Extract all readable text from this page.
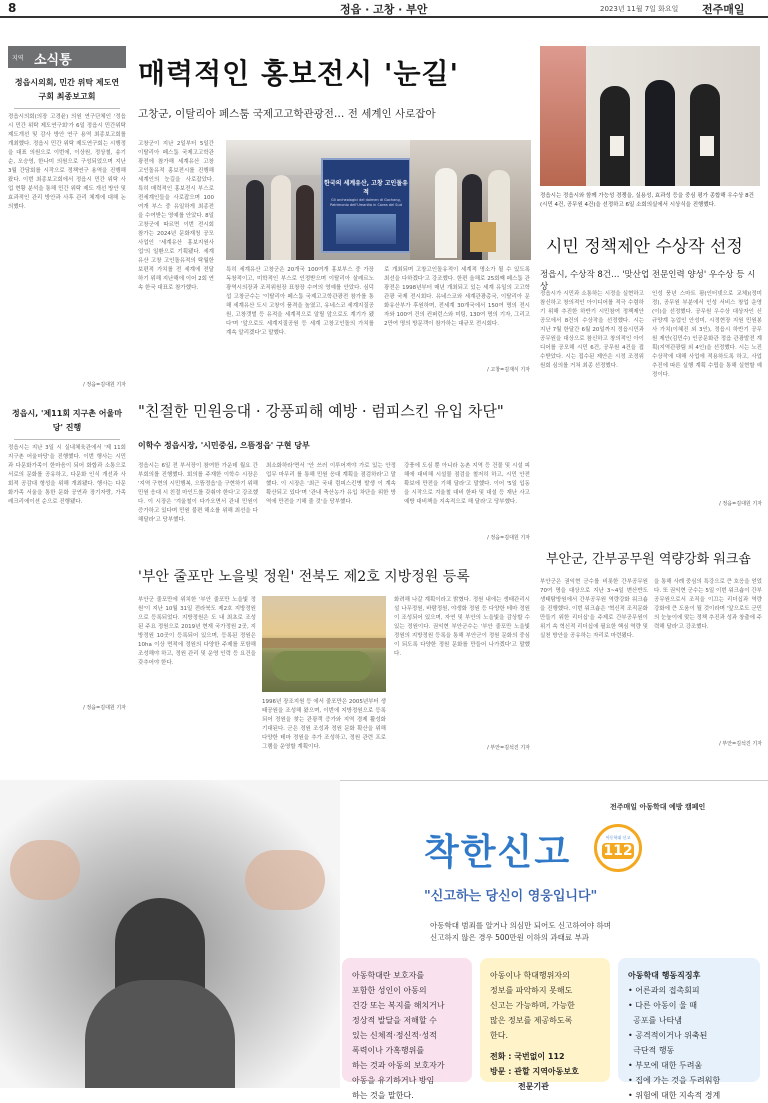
8	정읍 · 고창 · 부안	2023년 11월 7일 화요일 전주매일
지역 소식통
정읍시의회, 민간 위탁 제도연구회 최종보고회
정읍시의회(의장 고경윤) 의원 연구단체인 '정읍시 민간 위탁 제도연구회'가 6일 정읍시 민간위탁 제도개선 및 감사 방안 연구 용역 최종보고회를 개최했다. 정읍시 민간 위탁 제도연구회는 시행정을 대표 의원으로 이번에, 이상원, 정상철, 송기순, 오승영, 한나미 의원으로 구성되었으며 지난 3월 간담회를 시작으로 정책연구 용역을 진행해 왔다. 이번 최종보고회에서 정읍시 민간 위탁 사업 현황 분석을 통해 민간 위탁 제도 개선 방안 및 효과적인 관리 방안과 사후 관리 체계에 대해 논의했다.
/ 정읍=김대원 기자
정읍시, '제11회 지구촌 어울마당' 진행
정읍시는 지난 3일 시 실내체육관에서 '제 11회 지구촌 어울마당'을 진행했다. 이번 행사는 시민과 다문화가족이 한마음이 되어 화합과 소통으로 서로의 문화를 공유하고, 다문화 인식 개선과 사회적 공감대 형성을 위해 개최됐다. 행사는 다문화가족 서울을 통한 문화 공연과 장기자랑, 가족 레크리에이션 순으로 진행됐다.
/ 정읍=김대원 기자
매력적인 홍보전시 '눈길'
고창군, 이탈리아 페스툼 국제고고학관광전… 전 세계인 사로잡아
고창군이 지난 2일부터 5일간 이탈리아 페스툼 국제고고학관광전에 참가해 세계유산 고창 고인돌유적 홍보전시를 진행해 세계인의 눈길을 사로잡았다. 특히 매력적인 홍보전시 부스로 전세계인들을 사로잡으며 100여개 부스 중 유일하게 최종전을 수여받는 영예를 안았다. 8일 고창군에 따르면 이번 전시회 참가는 2024년 문화재청 공모사업인 '세계유산 홍보지원사업'의 일환으로 기획됐다. 세계유산 고창 고인돌유적의 탁월한 보편적 가치를 전 세계에 전달하기 위해 지난해에 이어 2회 연속 한국 대표로 참가했다.
한국의 세계유산, 고창 고인돌유적
Gli archeologici del dolmen di Gochang, Patrimonio dell'Umanita in Corea del Sud
특히 세계유산 고창군은 20개국 100여개 홍보부스 중 가장 독창적이고, 미학적인 부스로 인정받으며 이탈리아 살레르노 광역시의장과 조직위원장 표창장 수여의 영예를 안았다. 심덕섭 고창군수는 '이탈리아 페스툼 국제고고학관광전 참가를 통해 세계유산 도시 고창이 품격을 높였고, 유네스코 세계지질공원, 고창갯벌 등 유적을 세계적으로 알릴 앞으로도 계기가 됐다'며 '앞으로도 세계지질공원 등 세계 고창고인돌의 가치를 계속 알리겠다'고 말했다.
로 개최되며 고창고인돌유적이 세계적 명소가 될 수 있도록 최선을 다하겠다'고 강조했다. 한편 올해로 25회째 페스툼 관광전은 1998년부터 매년 개최되고 있는 세계 유일의 고고학관광 국제 전시회다. 유네스코와 세계관광총국, 이탈리아 문화유산부가 후원하며, 전세계 30개국에서 150여 명의 전시자와 100여 건의 컨퍼런스와 미팅, 130여 명의 기자, 그리고 2만여 명의 방문객이 참가하는 대규모 전시회다.
/ 고창=김재식 기자
정읍시는 정읍시와 함께 가능성 경쟁을, 실용성, 효과성 등을 중심 평가 종합해 우수상 8건(시민 4건, 공무원 4건)을 선정하고 6일 소회의실에서 시상식을 진행했다.
시민 정책제안 수상작 선정
정읍시, 수상작 8건… '맞산업 전문인력 양성' 우수상 등 시상
정읍시가 시민과 소통하는 시정을 실현하고 참신하고 창의적인 아이디어를 적극 수렴하기 위해 추진한 하반기 시민참여 정책제안 공모에서 8건의 수상작을 선정했다. 시는 지난 7월 한달간 6월 20일까지 정읍시민과 공무원을 대상으로 참신하고 창의적인 아이디어를 공모해 시민 6건, 공무원 4건을 접수받았다. 시는 접수된 제안은 시정 조정위원회 심의를 거쳐 최종 선정했다.
인성 풍년 스마트 팜(인터넷으로 교체)(정미정), 공무원 부분에서 인성 서비스 창업 운영(이)을 선정했다. 공무원 우수상 대상자인 신규양계 농업인 안성미, 시정현장 지원 민원봉사 가치(이혜진 외 3인), 정읍시 하반기 공무원 제안(김민수) 인공문화관 정읍 관광발전 계획(지역관광팀 외 4인)을 선정했다. 시는 노진 수상작에 대해 사업에 적용하도록 하고, 사업 추진에 따른 실행 계획 수립을 통해 실현할 예정이다.
/ 정읍=김대원 기자
"친절한 민원응대 · 강풍피해 예방 · 럼피스킨 유입 차단"
이학수 정읍시장, '시민중심, 으뜸정읍' 구현 당부
정읍시는 6일 전 부서장이 참여한 가운데 월요 간부회의를 진행했다. 회의를 주재한 이학수 시장은 '지역 구현의 시민행복, 으뜸정읍'을 구현하기 위해 민원 응대 시 친절 마인드를 갖춰야 한다'고 강조했다. 이 시장은 '겨울철이 다가오면서 관내 민원이 증가하고 있다며 민원 불편 해소를 위해 최선을 다해달라'고 당부했다.
최소화하라'면서 '안 쓰러 이루어져야 가로 있는 안정 업무 마무리 를 통해 민원 응대 계획을 점검하라'고 말했다. 이 시장은 '최근 국내 럼피스킨병 발생 이 계속 확산되고 있다'며 '관내 축산농가 유입 차단을 위한 방역에 만전을 기해 줄 것'을 당부했다.
강풍에 도심 뿐 아니라 농촌 지역 등 건물 및 시설 피해에 대비해 시설물 점검을 철저히 하고, 시민 안전 확보에 만전을 기해 달라'고 말했다. 이어 '5일 입동을 시작으로 겨울철 대비 한파 및 대설 등 재난 사고 예방 대비책을 지속적으로 해 달라'고 당부했다.
/ 정읍=김대원 기자
부안군, 간부공무원 역량강화 워크숍
부안군은 권익현 군수를 비롯한 간부공무원 70여 명을 대상으로 지난 3~4일 변산반도 생태탐방원에서 간부공무원 역량강화 워크숍을 진행했다. 이번 워크숍은 '혁신적 조직문화 만들기 위한 리더십'을 주제로 간부공무원이 위기 속 혁신적 리더십에 필요한 핵심 역량 및 실천 방안을 공유하는 자리로 마련됐다.
을 통해 사례 중심의 특강으로 큰 호응을 얻었다. 또 권익현 군수는 5일 이번 워크숍이 간부공무원으로서 조직을 이끄는 리더십과 역량 강화에 큰 도움이 될 것이라며 '앞으로도 군민의 눈높이에 맞는 정책 추진과 성과 창출에 주력해 달라'고 강조했다.
/ 부안=김석진 기자
'부안 줄포만 노을빛 정원' 전북도 제2호 지방정원 등록
부안군 줄포만에 위치한 '부안 줄포만 노을빛 정원'이 지난 10월 31일 전라북도 제2호 지방정원으로 등록되었다. 지방정원은 도 내 최초로 조성된 주요 정원으로 2019년 현재 국가정원 2곳, 지방정원 10곳이 등록되어 있으며, 등록된 정원은 10ha 이상 면적에 정원의 다양한 주제를 포함해 조성해야 하고, 정원 관리 및 운영 인력 등 요건을 갖추어야 한다.
1996년 장조지원 등 에서 줄포만은 2005년부터 생태공원을 조성해 왔으며, 이번에 지방정원으로 등록되어 정원을 찾는 관광객 증가와 지역 경제 활성화 기대된다. 군은 정원 조성과 정원 문화 확산을 위해 다양한 테마 정원을 추가 조성하고, 정원 관련 프로그램을 운영할 계획이다.
화려해 나갈 계획이라고 밝혔다. 정원 내에는 생태관리시설 나무정원, 바람정원, 야생화 정원 등 다양한 테마 정원이 조성되어 있으며, 자연 및 부안의 노을빛을 감상할 수 있는 정원이다. 권익현 부안군수는 '부안 줄포만 노을빛 정원의 지방정원 등록을 통해 부안군이 정원 문화의 중심이 되도록 다양한 정원 문화를 만들어 나가겠다'고 말했다.
/ 부안=김석진 기자
전주매일 아동학대 예방 캠페인
착한신고	아동학대 신고
112
"신고하는 당신이 영웅입니다"
아동학대 범죄를 알거나 의심만 되어도 신고하여야 하며
신고하지 않은 경우 500만원 이하의 과태료 부과
아동학대란 보호자를
포함한 성인이 아동의
건강 또는 복지를 해치거나
정상적 발달을 저해할 수
있는 신체적·정신적·성적
폭력이나 가혹행위를
하는 것과 아동의 보호자가
아동을 유기하거나 방임
하는 것을 말한다.
아동이나 학대행위자의
정보를 파악하지 못해도
신고는 가능하며, 가능한
많은 정보를 제공하도록
한다.
전화 : 국번없이 112
방문 : 관할 지역아동보호
전문기관
아동학대 행동직징후
• 어른과의 접촉회피
• 다른 아동이 울 때
공포를 나타냄
• 공격적이거나 위축된
극단적 행동
• 부모에 대한 두려움
• 집에 가는 것을 두려워함
• 위험에 대한 지속적 경계
